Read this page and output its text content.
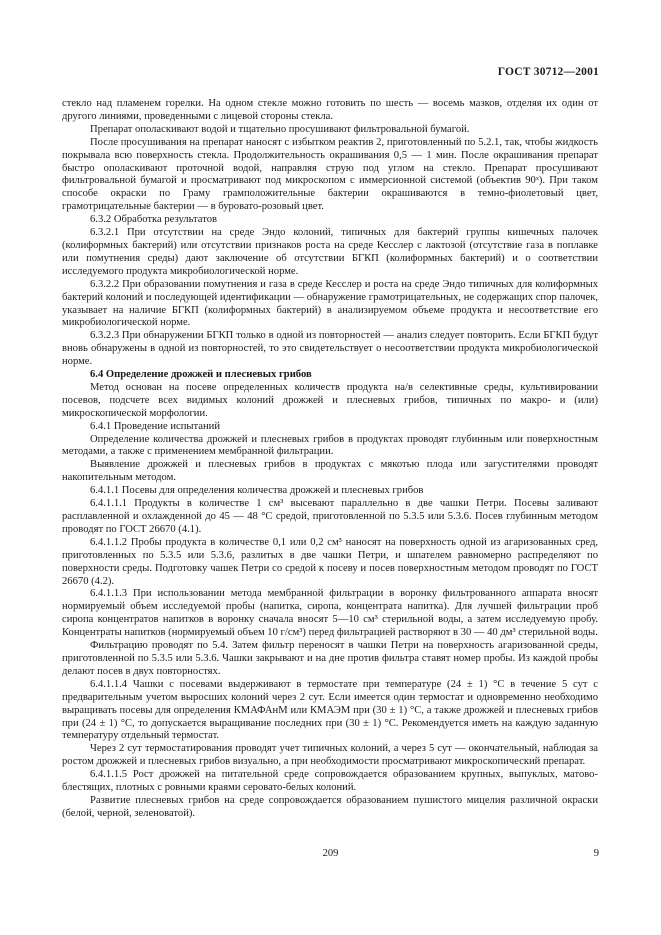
ГОСТ 30712—2001

стекло над пламенем горелки. На одном стекле можно готовить по шесть — восемь мазков, отделяя их один от другого линиями, проведенными с лицевой стороны стекла.

Препарат ополаскивают водой и тщательно просушивают фильтровальной бумагой.

После просушивания на препарат наносят с избытком реактив 2, приготовленный по 5.2.1, так, чтобы жидкость покрывала всю поверхность стекла. Продолжительность окрашивания 0,5 — 1 мин. После окрашивания препарат быстро ополаскивают проточной водой, направляя струю под углом на стекло. Препарат просушивают фильтровальной бумагой и просматривают под микроскопом с иммерсионной системой (объектив 90ˣ). При таком способе окраски по Граму грамположительные бактерии окрашиваются в темно-фиолетовый цвет, грамотрицательные бактерии — в буровато-розовый цвет.

6.3.2 Обработка результатов

6.3.2.1 При отсутствии на среде Эндо колоний, типичных для бактерий группы кишечных палочек (колиформных бактерий) или отсутствии признаков роста на среде Кесслер с лактозой (отсутствие газа в поплавке или помутнения среды) дают заключение об отсутствии БГКП (колиформных бактерий) и о соответствии исследуемого продукта микробиологической норме.

6.3.2.2 При образовании помутнения и газа в среде Кесслер и роста на среде Эндо типичных для колиформных бактерий колоний и последующей идентификации — обнаружение грамотрицательных, не содержащих спор палочек, указывает на наличие БГКП (колиформных бактерий) в анализируемом объеме продукта и несоответствие его микробиологической норме.

6.3.2.3 При обнаружении БГКП только в одной из повторностей — анализ следует повторить. Если БГКП будут вновь обнаружены в одной из повторностей, то это свидетельствует о несоответствии продукта микробиологической норме.

6.4 Определение дрожжей и плесневых грибов

Метод основан на посеве определенных количеств продукта на/в селективные среды, культивировании посевов, подсчете всех видимых колоний дрожжей и плесневых грибов, типичных по макро- и (или) микроскопической морфологии.

6.4.1 Проведение испытаний

Определение количества дрожжей и плесневых грибов в продуктах проводят глубинным или поверхностным методами, а также с применением мембранной фильтрации.

Выявление дрожжей и плесневых грибов в продуктах с мякотью плода или загустителями проводят накопительным методом.

6.4.1.1 Посевы для определения количества дрожжей и плесневых грибов

6.4.1.1.1 Продукты в количестве 1 см³ высевают параллельно в две чашки Петри. Посевы заливают расплавленной и охлажденной до 45 — 48 °С средой, приготовленной по 5.3.5 или 5.3.6. Посев глубинным методом проводят по ГОСТ 26670 (4.1).

6.4.1.1.2 Пробы продукта в количестве 0,1 или 0,2 см³ наносят на поверхность одной из агаризованных сред, приготовленных по 5.3.5 или 5.3.6, разлитых в две чашки Петри, и шпателем равномерно распределяют по поверхности среды. Подготовку чашек Петри со средой к посеву и посев поверхностным методом проводят по ГОСТ 26670 (4.2).

6.4.1.1.3 При использовании метода мембранной фильтрации в воронку фильтрованного аппарата вносят нормируемый объем исследуемой пробы (напитка, сиропа, концентрата напитка). Для лучшей фильтрации проб сиропа концентратов напитков в воронку сначала вносят 5—10 см³ стерильной воды, а затем исследуемую пробу. Концентраты напитков (нормируемый объем 10 г/см³) перед фильтрацией растворяют в 30 — 40 дм³ стерильной воды.

Фильтрацию проводят по 5.4. Затем фильтр переносят в чашки Петри на поверхность агаризованной среды, приготовленной по 5.3.5 или 5.3.6. Чашки закрывают и на дне против фильтра ставят номер пробы. Из каждой пробы делают посев в двух повторностях.

6.4.1.1.4 Чашки с посевами выдерживают в термостате при температуре (24 ± 1) °С в течение 5 сут с предварительным учетом выросших колоний через 2 сут. Если имеется один термостат и одновременно необходимо выращивать посевы для определения КМАФАнМ или КМАЭМ при (30 ± 1) °С, а также дрожжей и плесневых грибов при (24 ± 1) °С, то допускается выращивание последних при (30 ± 1) °С. Рекомендуется иметь на каждую заданную температуру отдельный термостат.

Через 2 сут термостатирования проводят учет типичных колоний, а через 5 сут — окончательный, наблюдая за ростом дрожжей и плесневых грибов визуально, а при необходимости просматривают микроскопический препарат.

6.4.1.1.5 Рост дрожжей на питательной среде сопровождается образованием крупных, выпуклых, матово-блестящих, плотных с ровными краями серовато-белых колоний.

Развитие плесневых грибов на среде сопровождается образованием пушистого мицелия различной окраски (белой, черной, зеленоватой).

209	9
